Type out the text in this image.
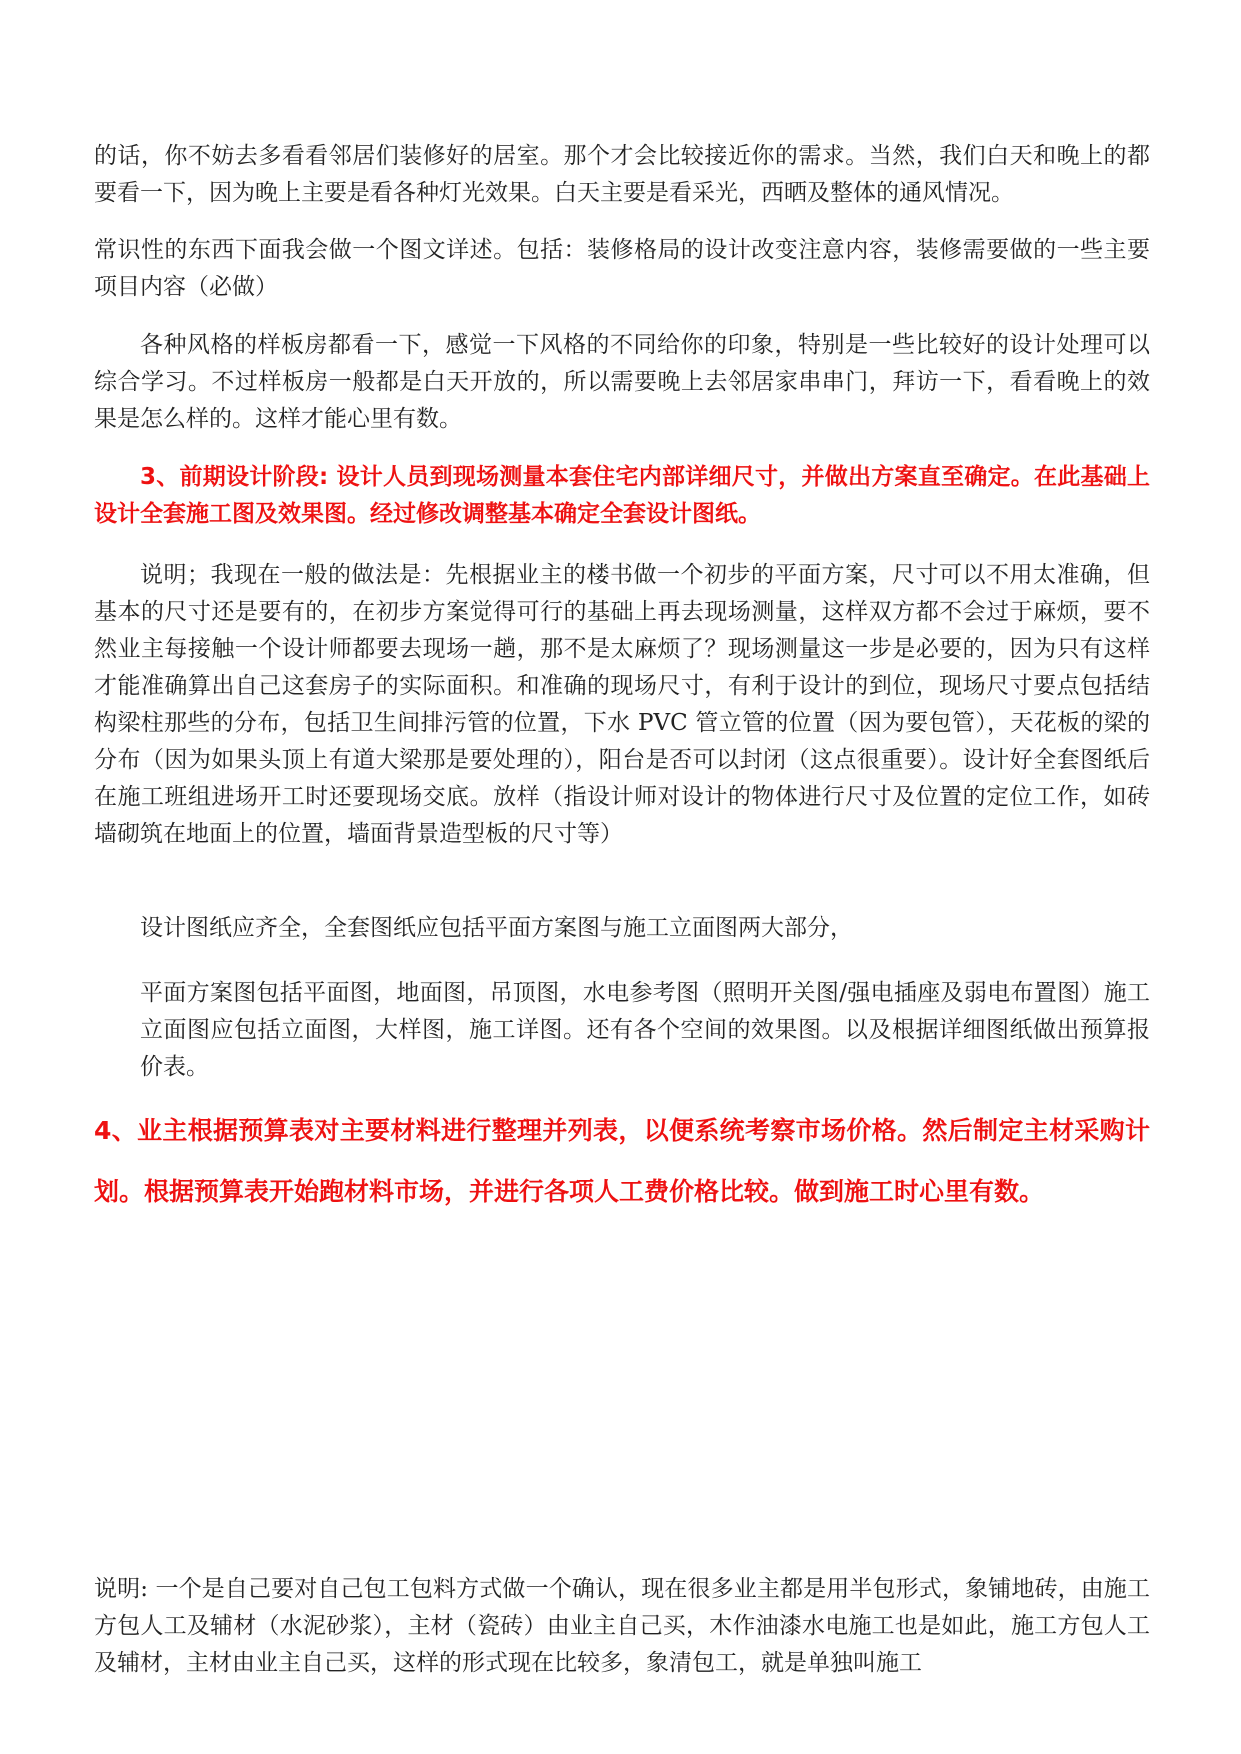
的话，你不妨去多看看邻居们装修好的居室。那个才会比较接近你的需求。当然，我们白天和晚上的都要看一下，因为晚上主要是看各种灯光效果。白天主要是看采光，西晒及整体的通风情况。

常识性的东西下面我会做一个图文详述。包括：装修格局的设计改变注意内容，装修需要做的一些主要项目内容（必做）

各种风格的样板房都看一下，感觉一下风格的不同给你的印象，特别是一些比较好的设计处理可以综合学习。不过样板房一般都是白天开放的，所以需要晚上去邻居家串串门，拜访一下，看看晚上的效果是怎么样的。这样才能心里有数。

3、前期设计阶段: 设计人员到现场测量本套住宅内部详细尺寸，并做出方案直至确定。在此基础上设计全套施工图及效果图。经过修改调整基本确定全套设计图纸。

说明；我现在一般的做法是：先根据业主的楼书做一个初步的平面方案，尺寸可以不用太准确，但基本的尺寸还是要有的，在初步方案觉得可行的基础上再去现场测量，这样双方都不会过于麻烦，要不然业主每接触一个设计师都要去现场一趟，那不是太麻烦了？现场测量这一步是必要的，因为只有这样才能准确算出自己这套房子的实际面积。和准确的现场尺寸，有利于设计的到位，现场尺寸要点包括结构梁柱那些的分布，包括卫生间排污管的位置，下水 PVC 管立管的位置（因为要包管），天花板的梁的分布（因为如果头顶上有道大梁那是要处理的），阳台是否可以封闭（这点很重要）。设计好全套图纸后在施工班组进场开工时还要现场交底。放样（指设计师对设计的物体进行尺寸及位置的定位工作，如砖墙砌筑在地面上的位置，墙面背景造型板的尺寸等）

设计图纸应齐全，全套图纸应包括平面方案图与施工立面图两大部分，

平面方案图包括平面图，地面图，吊顶图，水电参考图（照明开关图/强电插座及弱电布置图）施工立面图应包括立面图，大样图，施工详图。还有各个空间的效果图。以及根据详细图纸做出预算报价表。

4、业主根据预算表对主要材料进行整理并列表，以便系统考察市场价格。然后制定主材采购计划。根据预算表开始跑材料市场，并进行各项人工费价格比较。做到施工时心里有数。

说明: 一个是自己要对自己包工包料方式做一个确认，现在很多业主都是用半包形式，象铺地砖，由施工方包人工及辅材（水泥砂浆），主材（瓷砖）由业主自己买，木作油漆水电施工也是如此，施工方包人工及辅材，主材由业主自己买，这样的形式现在比较多，象清包工，就是单独叫施工
